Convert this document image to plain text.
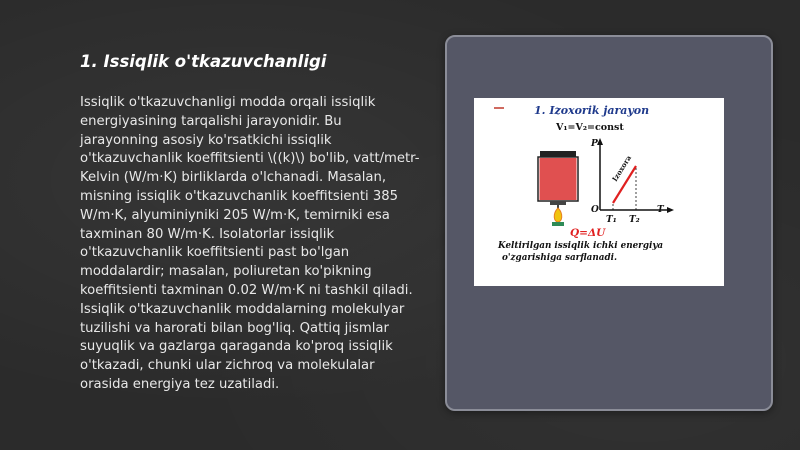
1. Issiqlik o'tkazuvchanligi

Issiqlik o'tkazuvchanligi modda orqali issiqlik energiyasining tarqalishi jarayonidir. Bu jarayonning asosiy ko'rsatkichi issiqlik o'tkazuvchanlik koeffitsienti \((k)\) bo'lib, vatt/metr-Kelvin (W/m·K) birliklarda o'lchanadi. Masalan, misning issiqlik o'tkazuvchanlik koeffitsienti 385 W/m·K, alyuminiyniki 205 W/m·K, temirniki esa taxminan 80 W/m·K. Isolatorlar issiqlik o'tkazuvchanlik koeffitsienti past bo'lgan moddalardir; masalan, poliuretan ko'pikning koeffitsienti taxminan 0.02 W/m·K ni tashkil qiladi. Issiqlik o'tkazuvchanlik moddalarning molekulyar tuzilishi va harorati bilan bog'liq. Qattiq jismlar suyuqlik va gazlarga qaraganda ko'proq issiqlik o'tkazadi, chunki ular zichroq va molekulalar orasida energiya tez uzatiladi.

1. Izoxorik jarayon
V₁=V₂=const
P
T
O
T₁ T₂
Izoxora
Q=ΔU
Keltirilgan issiqlik ichki energiya
o'zgarishiga sarflanadi.
